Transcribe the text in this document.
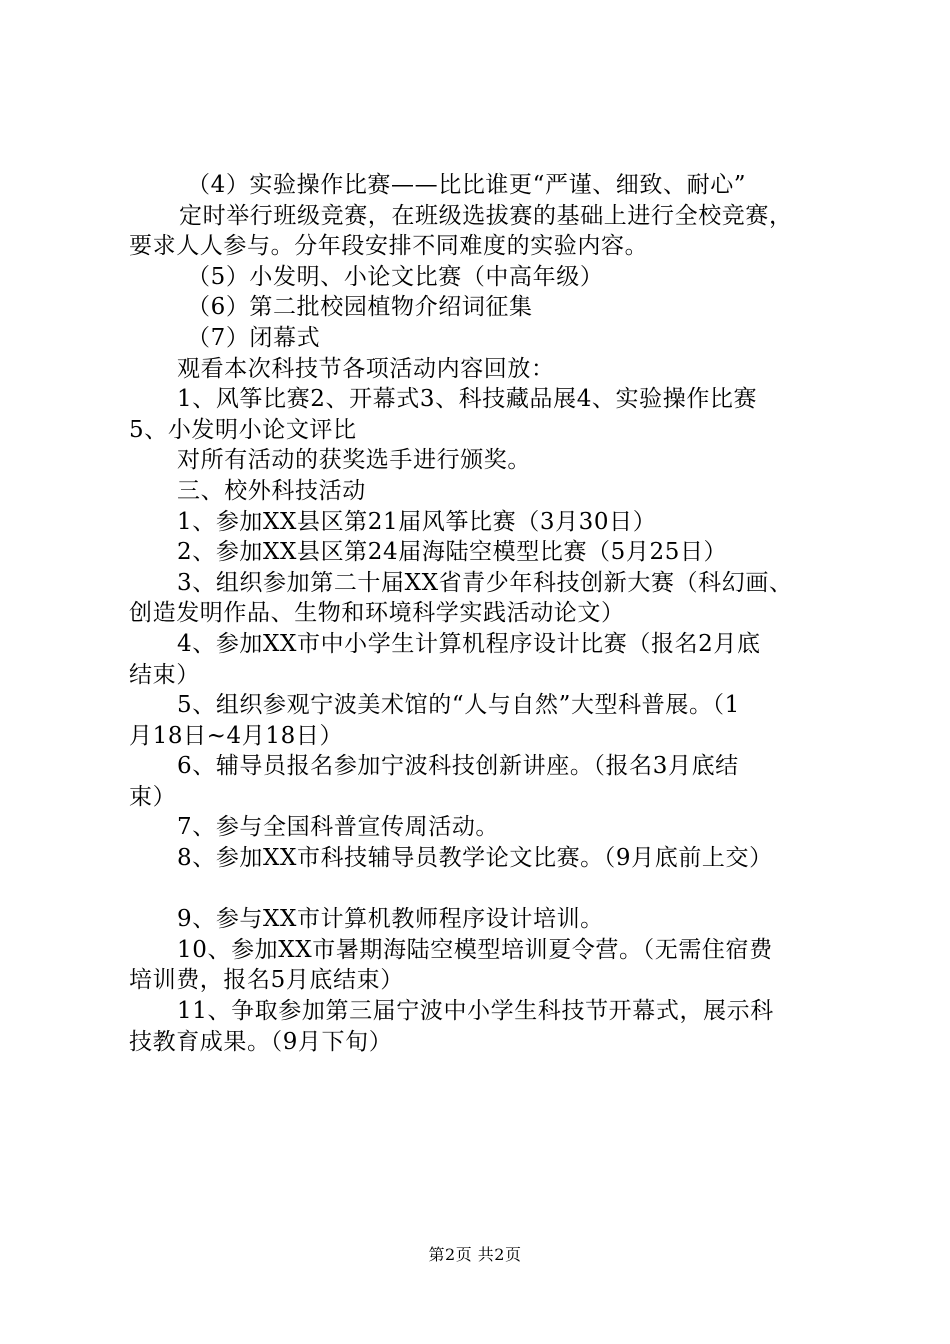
（4）实验操作比赛——比比谁更“严谨、细致、耐心”
定时举行班级竞赛，在班级选拔赛的基础上进行全校竞赛，
要求人人参与。分年段安排不同难度的实验内容。
（5）小发明、小论文比赛（中高年级）
（6）第二批校园植物介绍词征集
（7）闭幕式
观看本次科技节各项活动内容回放：
1、风筝比赛2、开幕式3、科技藏品展4、实验操作比赛
5、小发明小论文评比
对所有活动的获奖选手进行颁奖。
三、校外科技活动
1、参加XX县区第21届风筝比赛（3月30日）
2、参加XX县区第24届海陆空模型比赛（5月25日）
3、组织参加第二十届XX省青少年科技创新大赛（科幻画、
创造发明作品、生物和环境科学实践活动论文）
4、参加XX市中小学生计算机程序设计比赛（报名2月底
结束）
5、组织参观宁波美术馆的“人与自然”大型科普展。（1
月18日~4月18日）
6、辅导员报名参加宁波科技创新讲座。（报名3月底结
束）
7、参与全国科普宣传周活动。
8、参加XX市科技辅导员教学论文比赛。（9月底前上交）
9、参与XX市计算机教师程序设计培训。
10、参加XX市暑期海陆空模型培训夏令营。（无需住宿费
培训费，报名5月底结束）
11、争取参加第三届宁波中小学生科技节开幕式，展示科
技教育成果。（9月下旬）
第2页 共2页
